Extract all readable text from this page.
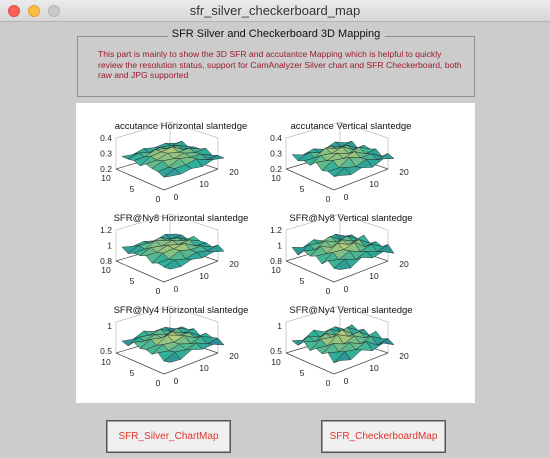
sfr_silver_checkerboard_map
SFR Silver and Checkerboard 3D Mapping
This part is mainly to show the 3D SFR and accutantce Mapping which is helpful to quickly review the resolution status, support for CamAnalyzer Silver chart and SFR Checkerboard, both raw and JPG supported
accutance Horizontal slantedge
0.4
0.3
0.2
10
5
0 0
10
20
accutance Vertical slantedge
0.4
0.3
0.2
10
5
0 0
10
20
SFR@Ny8 Horizontal slantedge
1.2
1
0.8
10
5
0 0
10
20
SFR@Ny8 Vertical slantedge
1.2
1
0.8
10
5
0 0
10
20
SFR@Ny4 Horizontal slantedge
1
0.5
10
5
0 0
10
20
SFR@Ny4 Vertical slantedge
1
0.5
10
5
0 0
10
20
SFR_Silver_ChartMap	SFR_CheckerboardMap
